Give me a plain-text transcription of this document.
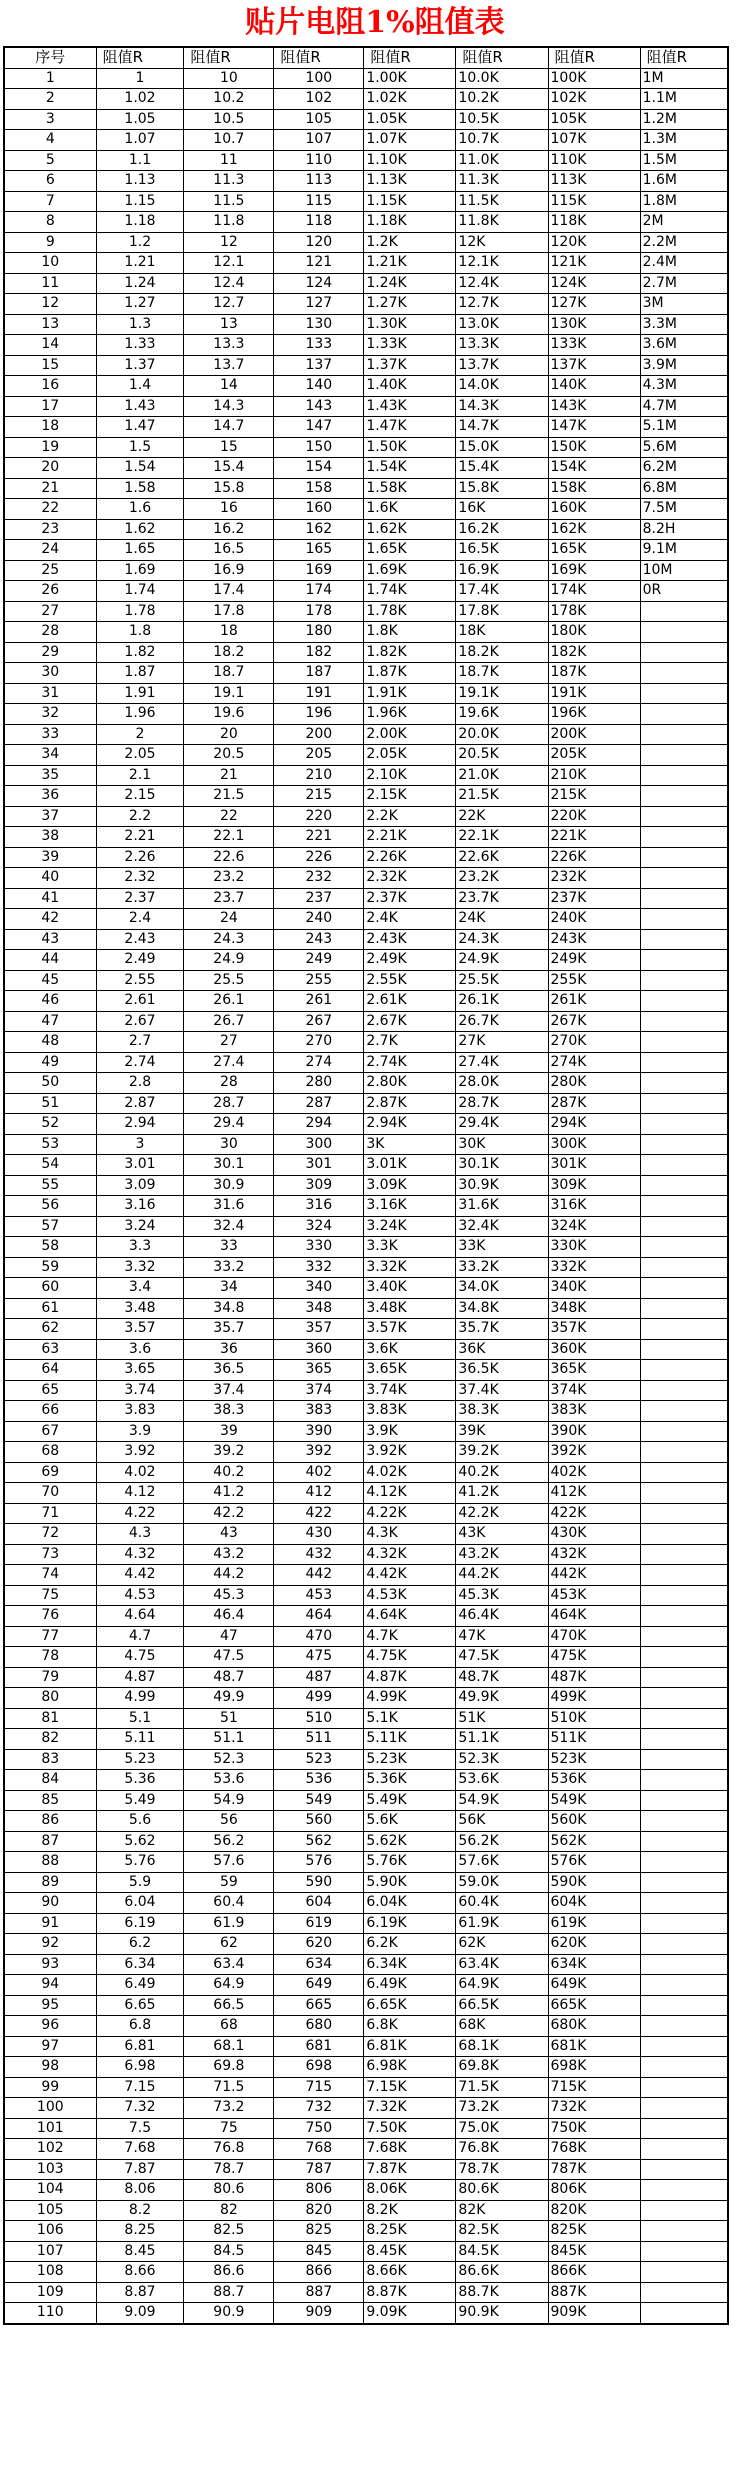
贴片电阻1%阻值表
序号	阻值R	阻值R	阻值R	阻值R	阻值R	阻值R	阻值R
1	1	10	100	1.00K	10.0K	100K	1M
2	1.02	10.2	102	1.02K	10.2K	102K	1.1M
3	1.05	10.5	105	1.05K	10.5K	105K	1.2M
4	1.07	10.7	107	1.07K	10.7K	107K	1.3M
5	1.1	11	110	1.10K	11.0K	110K	1.5M
6	1.13	11.3	113	1.13K	11.3K	113K	1.6M
7	1.15	11.5	115	1.15K	11.5K	115K	1.8M
8	1.18	11.8	118	1.18K	11.8K	118K	2M
9	1.2	12	120	1.2K	12K	120K	2.2M
10	1.21	12.1	121	1.21K	12.1K	121K	2.4M
11	1.24	12.4	124	1.24K	12.4K	124K	2.7M
12	1.27	12.7	127	1.27K	12.7K	127K	3M
13	1.3	13	130	1.30K	13.0K	130K	3.3M
14	1.33	13.3	133	1.33K	13.3K	133K	3.6M
15	1.37	13.7	137	1.37K	13.7K	137K	3.9M
16	1.4	14	140	1.40K	14.0K	140K	4.3M
17	1.43	14.3	143	1.43K	14.3K	143K	4.7M
18	1.47	14.7	147	1.47K	14.7K	147K	5.1M
19	1.5	15	150	1.50K	15.0K	150K	5.6M
20	1.54	15.4	154	1.54K	15.4K	154K	6.2M
21	1.58	15.8	158	1.58K	15.8K	158K	6.8M
22	1.6	16	160	1.6K	16K	160K	7.5M
23	1.62	16.2	162	1.62K	16.2K	162K	8.2H
24	1.65	16.5	165	1.65K	16.5K	165K	9.1M
25	1.69	16.9	169	1.69K	16.9K	169K	10M
26	1.74	17.4	174	1.74K	17.4K	174K	0R
27	1.78	17.8	178	1.78K	17.8K	178K	
28	1.8	18	180	1.8K	18K	180K	
29	1.82	18.2	182	1.82K	18.2K	182K	
30	1.87	18.7	187	1.87K	18.7K	187K	
31	1.91	19.1	191	1.91K	19.1K	191K	
32	1.96	19.6	196	1.96K	19.6K	196K	
33	2	20	200	2.00K	20.0K	200K	
34	2.05	20.5	205	2.05K	20.5K	205K	
35	2.1	21	210	2.10K	21.0K	210K	
36	2.15	21.5	215	2.15K	21.5K	215K	
37	2.2	22	220	2.2K	22K	220K	
38	2.21	22.1	221	2.21K	22.1K	221K	
39	2.26	22.6	226	2.26K	22.6K	226K	
40	2.32	23.2	232	2.32K	23.2K	232K	
41	2.37	23.7	237	2.37K	23.7K	237K	
42	2.4	24	240	2.4K	24K	240K	
43	2.43	24.3	243	2.43K	24.3K	243K	
44	2.49	24.9	249	2.49K	24.9K	249K	
45	2.55	25.5	255	2.55K	25.5K	255K	
46	2.61	26.1	261	2.61K	26.1K	261K	
47	2.67	26.7	267	2.67K	26.7K	267K	
48	2.7	27	270	2.7K	27K	270K	
49	2.74	27.4	274	2.74K	27.4K	274K	
50	2.8	28	280	2.80K	28.0K	280K	
51	2.87	28.7	287	2.87K	28.7K	287K	
52	2.94	29.4	294	2.94K	29.4K	294K	
53	3	30	300	3K	30K	300K	
54	3.01	30.1	301	3.01K	30.1K	301K	
55	3.09	30.9	309	3.09K	30.9K	309K	
56	3.16	31.6	316	3.16K	31.6K	316K	
57	3.24	32.4	324	3.24K	32.4K	324K	
58	3.3	33	330	3.3K	33K	330K	
59	3.32	33.2	332	3.32K	33.2K	332K	
60	3.4	34	340	3.40K	34.0K	340K	
61	3.48	34.8	348	3.48K	34.8K	348K	
62	3.57	35.7	357	3.57K	35.7K	357K	
63	3.6	36	360	3.6K	36K	360K	
64	3.65	36.5	365	3.65K	36.5K	365K	
65	3.74	37.4	374	3.74K	37.4K	374K	
66	3.83	38.3	383	3.83K	38.3K	383K	
67	3.9	39	390	3.9K	39K	390K	
68	3.92	39.2	392	3.92K	39.2K	392K	
69	4.02	40.2	402	4.02K	40.2K	402K	
70	4.12	41.2	412	4.12K	41.2K	412K	
71	4.22	42.2	422	4.22K	42.2K	422K	
72	4.3	43	430	4.3K	43K	430K	
73	4.32	43.2	432	4.32K	43.2K	432K	
74	4.42	44.2	442	4.42K	44.2K	442K	
75	4.53	45.3	453	4.53K	45.3K	453K	
76	4.64	46.4	464	4.64K	46.4K	464K	
77	4.7	47	470	4.7K	47K	470K	
78	4.75	47.5	475	4.75K	47.5K	475K	
79	4.87	48.7	487	4.87K	48.7K	487K	
80	4.99	49.9	499	4.99K	49.9K	499K	
81	5.1	51	510	5.1K	51K	510K	
82	5.11	51.1	511	5.11K	51.1K	511K	
83	5.23	52.3	523	5.23K	52.3K	523K	
84	5.36	53.6	536	5.36K	53.6K	536K	
85	5.49	54.9	549	5.49K	54.9K	549K	
86	5.6	56	560	5.6K	56K	560K	
87	5.62	56.2	562	5.62K	56.2K	562K	
88	5.76	57.6	576	5.76K	57.6K	576K	
89	5.9	59	590	5.90K	59.0K	590K	
90	6.04	60.4	604	6.04K	60.4K	604K	
91	6.19	61.9	619	6.19K	61.9K	619K	
92	6.2	62	620	6.2K	62K	620K	
93	6.34	63.4	634	6.34K	63.4K	634K	
94	6.49	64.9	649	6.49K	64.9K	649K	
95	6.65	66.5	665	6.65K	66.5K	665K	
96	6.8	68	680	6.8K	68K	680K	
97	6.81	68.1	681	6.81K	68.1K	681K	
98	6.98	69.8	698	6.98K	69.8K	698K	
99	7.15	71.5	715	7.15K	71.5K	715K	
100	7.32	73.2	732	7.32K	73.2K	732K	
101	7.5	75	750	7.50K	75.0K	750K	
102	7.68	76.8	768	7.68K	76.8K	768K	
103	7.87	78.7	787	7.87K	78.7K	787K	
104	8.06	80.6	806	8.06K	80.6K	806K	
105	8.2	82	820	8.2K	82K	820K	
106	8.25	82.5	825	8.25K	82.5K	825K	
107	8.45	84.5	845	8.45K	84.5K	845K	
108	8.66	86.6	866	8.66K	86.6K	866K	
109	8.87	88.7	887	8.87K	88.7K	887K	
110	9.09	90.9	909	9.09K	90.9K	909K	
